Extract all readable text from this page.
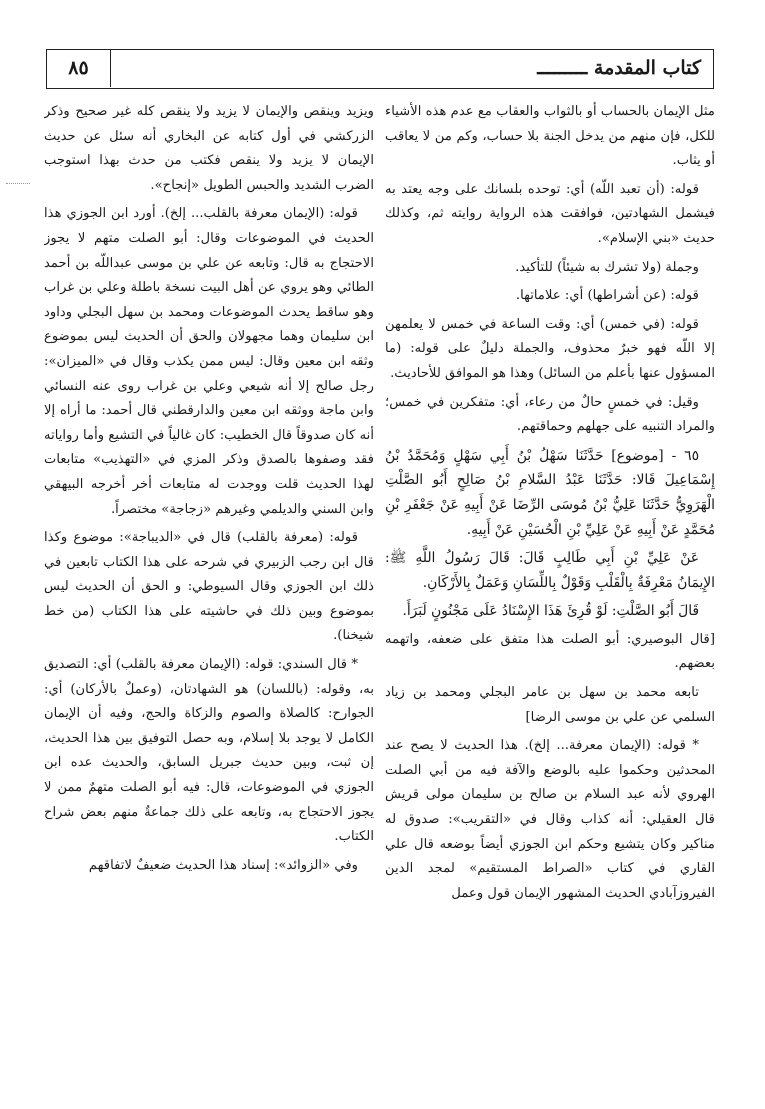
كتاب المقدمة ـــــــــ
٨٥

مثل الإيمان بالحساب أو بالثواب والعقاب مع عدم هذه الأشياء للكل، فإن منهم من يدخل الجنة بلا حساب، وكم من لا يعاقب أو يثاب.

قوله: (أن تعبد اللّه) أي: توحده بلسانك على وجه يعتد به فيشمل الشهادتين، فوافقت هذه الرواية روايته ثم، وكذلك حديث «بني الإسلام».

وجملة (ولا تشرك به شيئاً) للتأكيد.

قوله: (عن أشراطها) أي: علاماتها.

قوله: (في خمس) أي: وقت الساعة في خمس لا يعلمهن إلا اللّه فهو خبرٌ محذوف، والجملة دليلٌ على قوله: (ما المسؤول عنها بأعلم من السائل) وهذا هو الموافق للأحاديث.

وقيل: في خمسٍ حالٌ من رعاء، أي: متفكرين في خمس؛ والمراد التنبيه على جهلهم وحماقتهم.

٦٥ - [موضوع] حَدَّثَنَا سَهْلُ بْنُ أَبِي سَهْلٍ وَمُحَمَّدُ بْنُ إِسْمَاعِيلَ قَالا: حَدَّثَنَا عَبْدُ السَّلامِ بْنُ صَالِحٍ أَبُو الصَّلْتِ الْهَرَوِيُّ حَدَّثَنَا عَلِيُّ بْنُ مُوسَى الرِّضَا عَنْ أَبِيهِ عَنْ جَعْفَرِ بْنِ مُحَمَّدٍ عَنْ أَبِيهِ عَنْ عَلِيِّ بْنِ الْحُسَيْنِ عَنْ أَبِيهِ.

عَنْ عَلِيِّ بْنِ أَبِي طَالِبٍ قَالَ: قَالَ رَسُولُ اللَّهِ ﷺ: الإِيمَانُ مَعْرِفَةٌ بِالْقَلْبِ وَقَوْلٌ بِاللِّسَانِ وَعَمَلٌ بِالأَرْكَانِ.

قَالَ أَبُو الصَّلْتِ: لَوْ قُرِئَ هَذَا الإِسْنَادُ عَلَى مَجْنُونٍ لَبَرَأَ.

[قال البوصيري: أبو الصلت هذا متفق على ضعفه، واتهمه بعضهم.

تابعه محمد بن سهل بن عامر البجلي ومحمد بن زياد السلمي عن علي بن موسى الرضا]

* قوله: (الإيمان معرفة... إلخ). هذا الحديث لا يصح عند المحدثين وحكموا عليه بالوضع والآفة فيه من أبي الصلت الهروي لأنه عبد السلام بن صالح بن سليمان مولى قريش قال العقيلي: أنه كذاب وقال في «التقريب»: صدوق له مناكير وكان يتشيع وحكم ابن الجوزي أيضاً بوضعه قال علي القاري في كتاب «الصراط المستقيم» لمجد الدين الفيروزآبادي الحديث المشهور الإيمان قول وعمل

ويزيد وينقص والإيمان لا يزيد ولا ينقص كله غير صحيح وذكر الزركشي في أول كتابه عن البخاري أنه سئل عن حديث الإيمان لا يزيد ولا ينقص فكتب من حدث بهذا استوجب الضرب الشديد والحبس الطويل «إنجاح».

قوله: (الإيمان معرفة بالقلب... إلخ). أورد ابن الجوزي هذا الحديث في الموضوعات وقال: أبو الصلت متهم لا يجوز الاحتجاج به قال: وتابعه عن علي بن موسى عبداللّه بن أحمد الطائي وهو يروي عن أهل البيت نسخة باطلة وعلي بن غراب وهو ساقط يحدث الموضوعات ومحمد بن سهل البجلي وداود ابن سليمان وهما مجهولان والحق أن الحديث ليس بموضوع وثقه ابن معين وقال: ليس ممن يكذب وقال في «الميزان»: رجل صالح إلا أنه شيعي وعلي بن غراب روى عنه النسائي وابن ماجة ووثقه ابن معين والدارقطني قال أحمد: ما أراه إلا أنه كان صدوقاً قال الخطيب: كان غالياً في التشيع وأما رواياته فقد وصفوها بالصدق وذكر المزي في «التهذيب» متابعات لهذا الحديث قلت ووجدت له متابعات أخر أخرجه البيهقي وابن السني والديلمي وغيرهم «زجاجة» مختصراً.

قوله: (معرفة بالقلب) قال في «الديباجة»: موضوع وكذا قال ابن رجب الزبيري في شرحه على هذا الكتاب تابعين في ذلك ابن الجوزي وقال السيوطي: و الحق أن الحديث ليس بموضوع وبين ذلك في حاشيته على هذا الكتاب (من خط شيخنا).

* قال السندي: قوله: (الإيمان معرفة بالقلب) أي: التصديق به، وقوله: (باللسان) هو الشهادتان، (وعملٌ بالأركان) أي: الجوارح: كالصلاة والصوم والزكاة والحج، وفيه أن الإيمان الكامل لا يوجد بلا إسلام، وبه حصل التوفيق بين هذا الحديث، إن ثبت، وبين حديث جبريل السابق، والحديث عده ابن الجوزي في الموضوعات، قال: فيه أبو الصلت متهمٌ ممن لا يجوز الاحتجاج به، وتابعه على ذلك جماعةٌ منهم بعض شراح الكتاب.

وفي «الزوائد»: إسناد هذا الحديث ضعيفٌ لاتفاقهم
